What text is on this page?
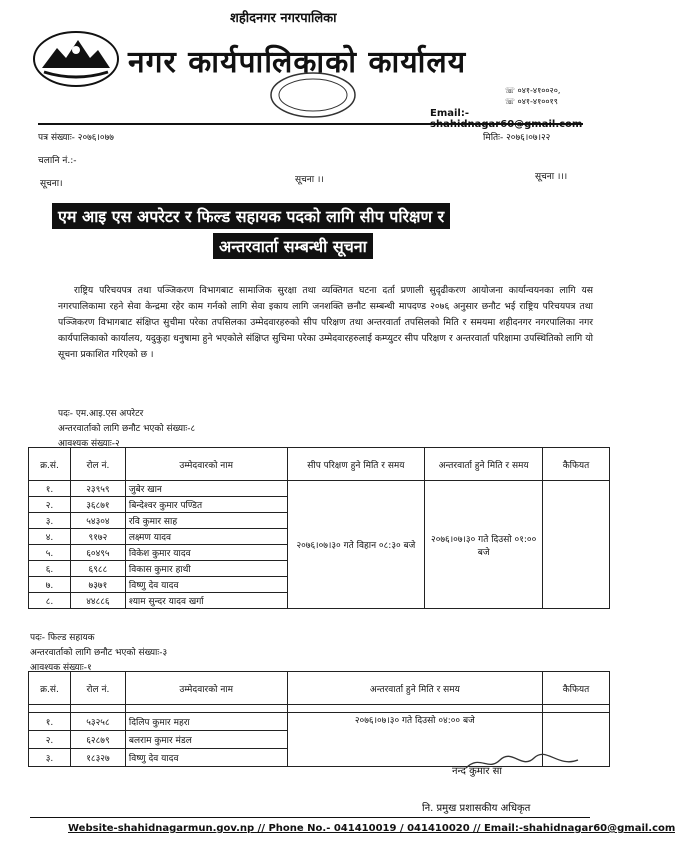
शहीदनगर नगरपालिका
नगर कार्यपालिकाको कार्यालय
☏ ०४१-४१००२०,
☏ ०४१-४१००१९
Email:-shahidnagar60@gmail.com
पत्र संख्याः- २०७६।०७७	मितिः- २०७६।०७।२२
चलानि नं.:-
सूचना।	सूचना ।।	सूचना ।।।
एम आइ एस अपरेटर र फिल्ड सहायक पदको लागि सीप परिक्षण र
अन्तरवार्ता सम्बन्धी सूचना
राष्ट्रिय परिचयपत्र तथा पञ्जिकरण विभागबाट सामाजिक सुरक्षा तथा व्यक्तिगत घटना दर्ता प्रणाली सुदृढीकरण आयोजना कार्यान्वयनका लागि यस नगरपालिकामा रहने सेवा केन्द्रमा रहेर काम गर्नको लागि सेवा इकाय लागि जनशक्ति छनौट सम्बन्धी मापदण्ड २०७६ अनुसार छनौट भई राष्ट्रिय परिचयपत्र तथा पञ्जिकरण विभागबाट संक्षिप्त सुचीमा परेका तपसिलका उम्मेदवारहरुको सीप परिक्षण तथा अन्तरवार्ता तपसिलको मिति र समयमा शहीदनगर नगरपालिका नगर कार्यपालिकाको कार्यालय, यदुकुहा धनुषामा हुने भएकोले संक्षिप्त सुचिमा परेका उम्मेदवारहरुलाई कम्प्युटर सीप परिक्षण र अन्तरवार्ता परिक्षामा उपस्थितिको लागि यो सूचना प्रकाशित गरिएको छ ।
पदः- एम.आइ.एस अपरेटर
अन्तरवार्ताको लागि छनौट भएको संख्याः-८
आवश्यक संख्याः-२
क्र.सं.	रोल नं.	उम्मेदवारको नाम	सीप परिक्षण हुने मिति र समय	अन्तरवार्ता हुने मिति र समय	कैफियत
१.	२३९५९	जुबेर खान	२०७६।०७।३० गते विहान ०८:३० बजे	२०७६।०७।३० गते दिउसो ०१:०० बजे	
२.	३६८७१	बिन्देश्वर कुमार पण्डित			
३.	५४३०४	रवि कुमार साह			
४.	९१७२	लक्ष्मण यादव			
५.	६०४९५	विकेश कुमार यादव			
६.	६९८८	विकास कुमार हाथी			
७.	७३७१	विष्णु देव यादव			
८.	४४८८६	श्याम सुन्दर यादव खर्गा			
पदः- फिल्ड सहायक
अन्तरवार्ताको लागि छनौट भएको संख्याः-३
आवश्यक संख्याः-१
क्र.सं.	रोल नं.	उम्मेदवारको नाम	अन्तरवार्ता हुने मिति र समय	कैफियत

१.	५३२५८	दिलिप कुमार महरा	२०७६।०७।३० गते दिउसो ०४:०० बजे	
२.	६२८७९	बलराम कुमार मंडल		
३.	१८३२७	विष्णु देव यादव		
नन्द कुमार सा
नि. प्रमुख प्रशासकीय अधिकृत
Website-shahidnagarmun.gov.np // Phone No.- 041410019 / 041410020 // Email:-shahidnagar60@gmail.com
